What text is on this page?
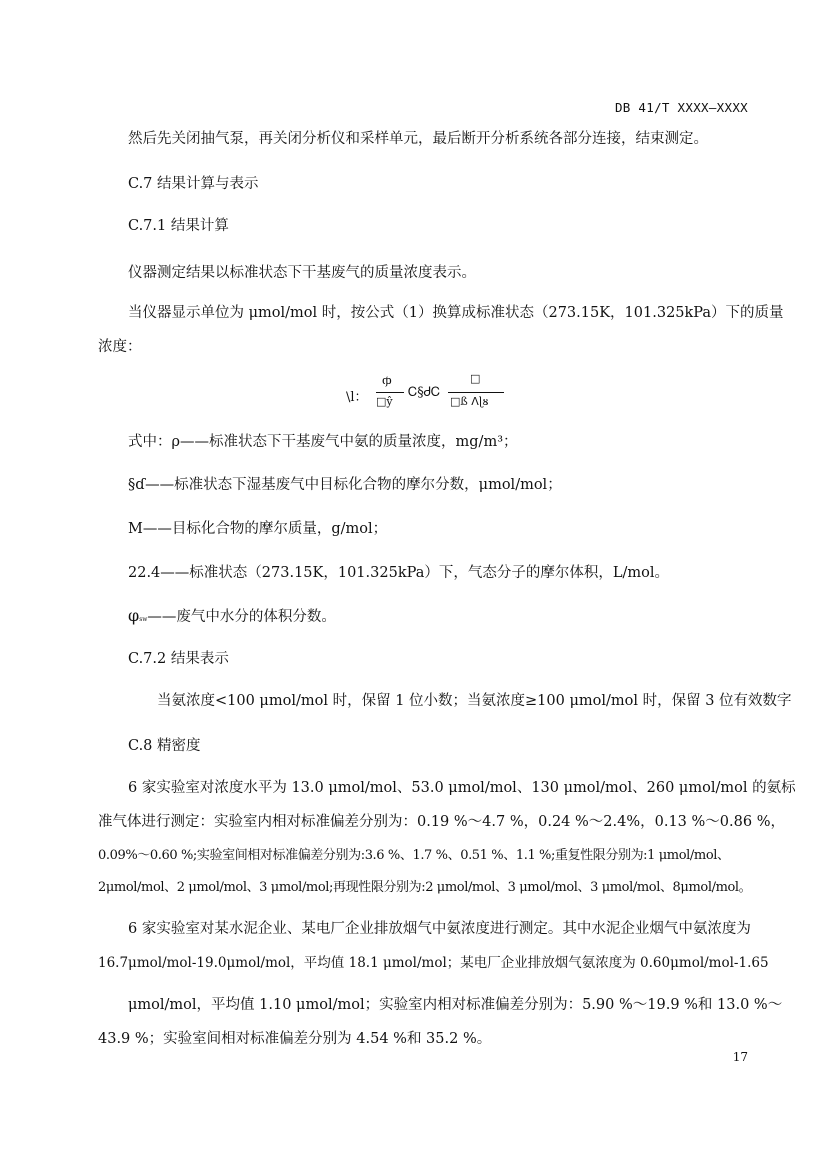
DB 41/T XXXX—XXXX
然后先关闭抽气泵，再关闭分析仪和采样单元，最后断开分析系统各部分连接，结束测定。
C.7 结果计算与表示
C.7.1 结果计算
仪器测定结果以标准状态下干基废气的质量浓度表示。
当仪器显示单位为 μmol/mol 时，按公式（1）换算成标准状态（273.15K，101.325kPa）下的质量
浓度：
\l：
ჶ
□ŷ
Ꮯ§ᏧᏟ
□
□ß ᐱɭᴕ
式中：ρ——标准状态下干基废气中氨的质量浓度，mg/m³；
§ɗ——标准状态下湿基废气中目标化合物的摩尔分数，μmol/mol；
M——目标化合物的摩尔质量，g/mol；
22.4——标准状态（273.15K，101.325kPa）下，气态分子的摩尔体积，L/mol。
φsw——废气中水分的体积分数。
C.7.2 结果表示
当氨浓度<100 μmol/mol 时，保留 1 位小数；当氨浓度≥100 μmol/mol 时，保留 3 位有效数字
C.8 精密度
6 家实验室对浓度水平为 13.0 μmol/mol、53.0 μmol/mol、130 μmol/mol、260 μmol/mol 的氨标
准气体进行测定：实验室内相对标准偏差分别为：0.19 %～4.7 %，0.24 %～2.4%，0.13 %～0.86 %，
0.09%～0.60 %;实验室间相对标准偏差分别为:3.6 %、1.7 %、0.51 %、1.1 %;重复性限分别为:1 μmol/mol、
2μmol/mol、2 μmol/mol、3 μmol/mol;再现性限分别为:2 μmol/mol、3 μmol/mol、3 μmol/mol、8μmol/mol。
6 家实验室对某水泥企业、某电厂企业排放烟气中氨浓度进行测定。其中水泥企业烟气中氨浓度为
16.7μmol/mol-19.0μmol/mol，平均值 18.1 μmol/mol；某电厂企业排放烟气氨浓度为 0.60μmol/mol-1.65
μmol/mol，平均值 1.10 μmol/mol；实验室内相对标准偏差分别为：5.90 %～19.9 %和 13.0 %～
43.9 %；实验室间相对标准偏差分别为 4.54 %和 35.2 %。
17
